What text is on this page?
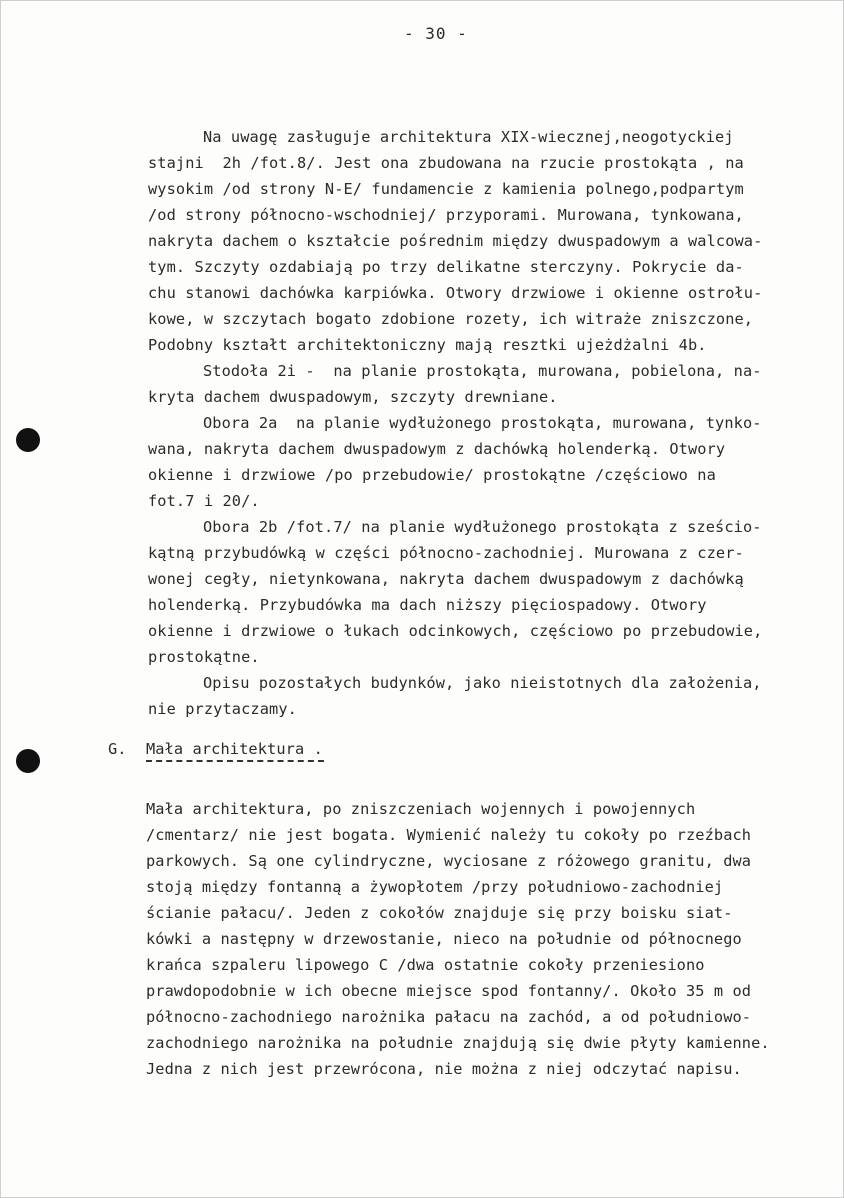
- 30 -
Na uwagę zasługuje architektura XIX-wiecznej,neogotyckiej
stajni  2h /fot.8/. Jest ona zbudowana na rzucie prostokąta , na
wysokim /od strony N-E/ fundamencie z kamienia polnego,podpartym
/od strony północno-wschodniej/ przyporami. Murowana, tynkowana,
nakryta dachem o kształcie pośrednim między dwuspadowym a walcowa-
tym. Szczyty ozdabiają po trzy delikatne sterczyny. Pokrycie da-
chu stanowi dachówka karpiówka. Otwory drzwiowe i okienne ostrołu-
kowe, w szczytach bogato zdobione rozety, ich witraże zniszczone,
Podobny kształt architektoniczny mają resztki ujeżdżalni 4b.
Stodoła 2i -  na planie prostokąta, murowana, pobielona, na-
kryta dachem dwuspadowym, szczyty drewniane.
Obora 2a  na planie wydłużonego prostokąta, murowana, tynko-
wana, nakryta dachem dwuspadowym z dachówką holenderką. Otwory
okienne i drzwiowe /po przebudowie/ prostokątne /częściowo na
fot.7 i 20/.
Obora 2b /fot.7/ na planie wydłużonego prostokąta z sześcio-
kątną przybudówką w części północno-zachodniej. Murowana z czer-
wonej cegły, nietynkowana, nakryta dachem dwuspadowym z dachówką
holenderką. Przybudówka ma dach niższy pięciospadowy. Otwory
okienne i drzwiowe o łukach odcinkowych, częściowo po przebudowie,
prostokątne.
Opisu pozostałych budynków, jako nieistotnych dla założenia,
nie przytaczamy.
G. Mała architektura .
Mała architektura, po zniszczeniach wojennych i powojennych
/cmentarz/ nie jest bogata. Wymienić należy tu cokoły po rzeźbach
parkowych. Są one cylindryczne, wyciosane z różowego granitu, dwa
stoją między fontanną a żywopłotem /przy południowo-zachodniej
ścianie pałacu/. Jeden z cokołów znajduje się przy boisku siat-
kówki a następny w drzewostanie, nieco na południe od północnego
krańca szpaleru lipowego C /dwa ostatnie cokoły przeniesiono
prawdopodobnie w ich obecne miejsce spod fontanny/. Około 35 m od
północno-zachodniego narożnika pałacu na zachód, a od południowo-
zachodniego narożnika na południe znajdują się dwie płyty kamienne.
Jedna z nich jest przewrócona, nie można z niej odczytać napisu.
